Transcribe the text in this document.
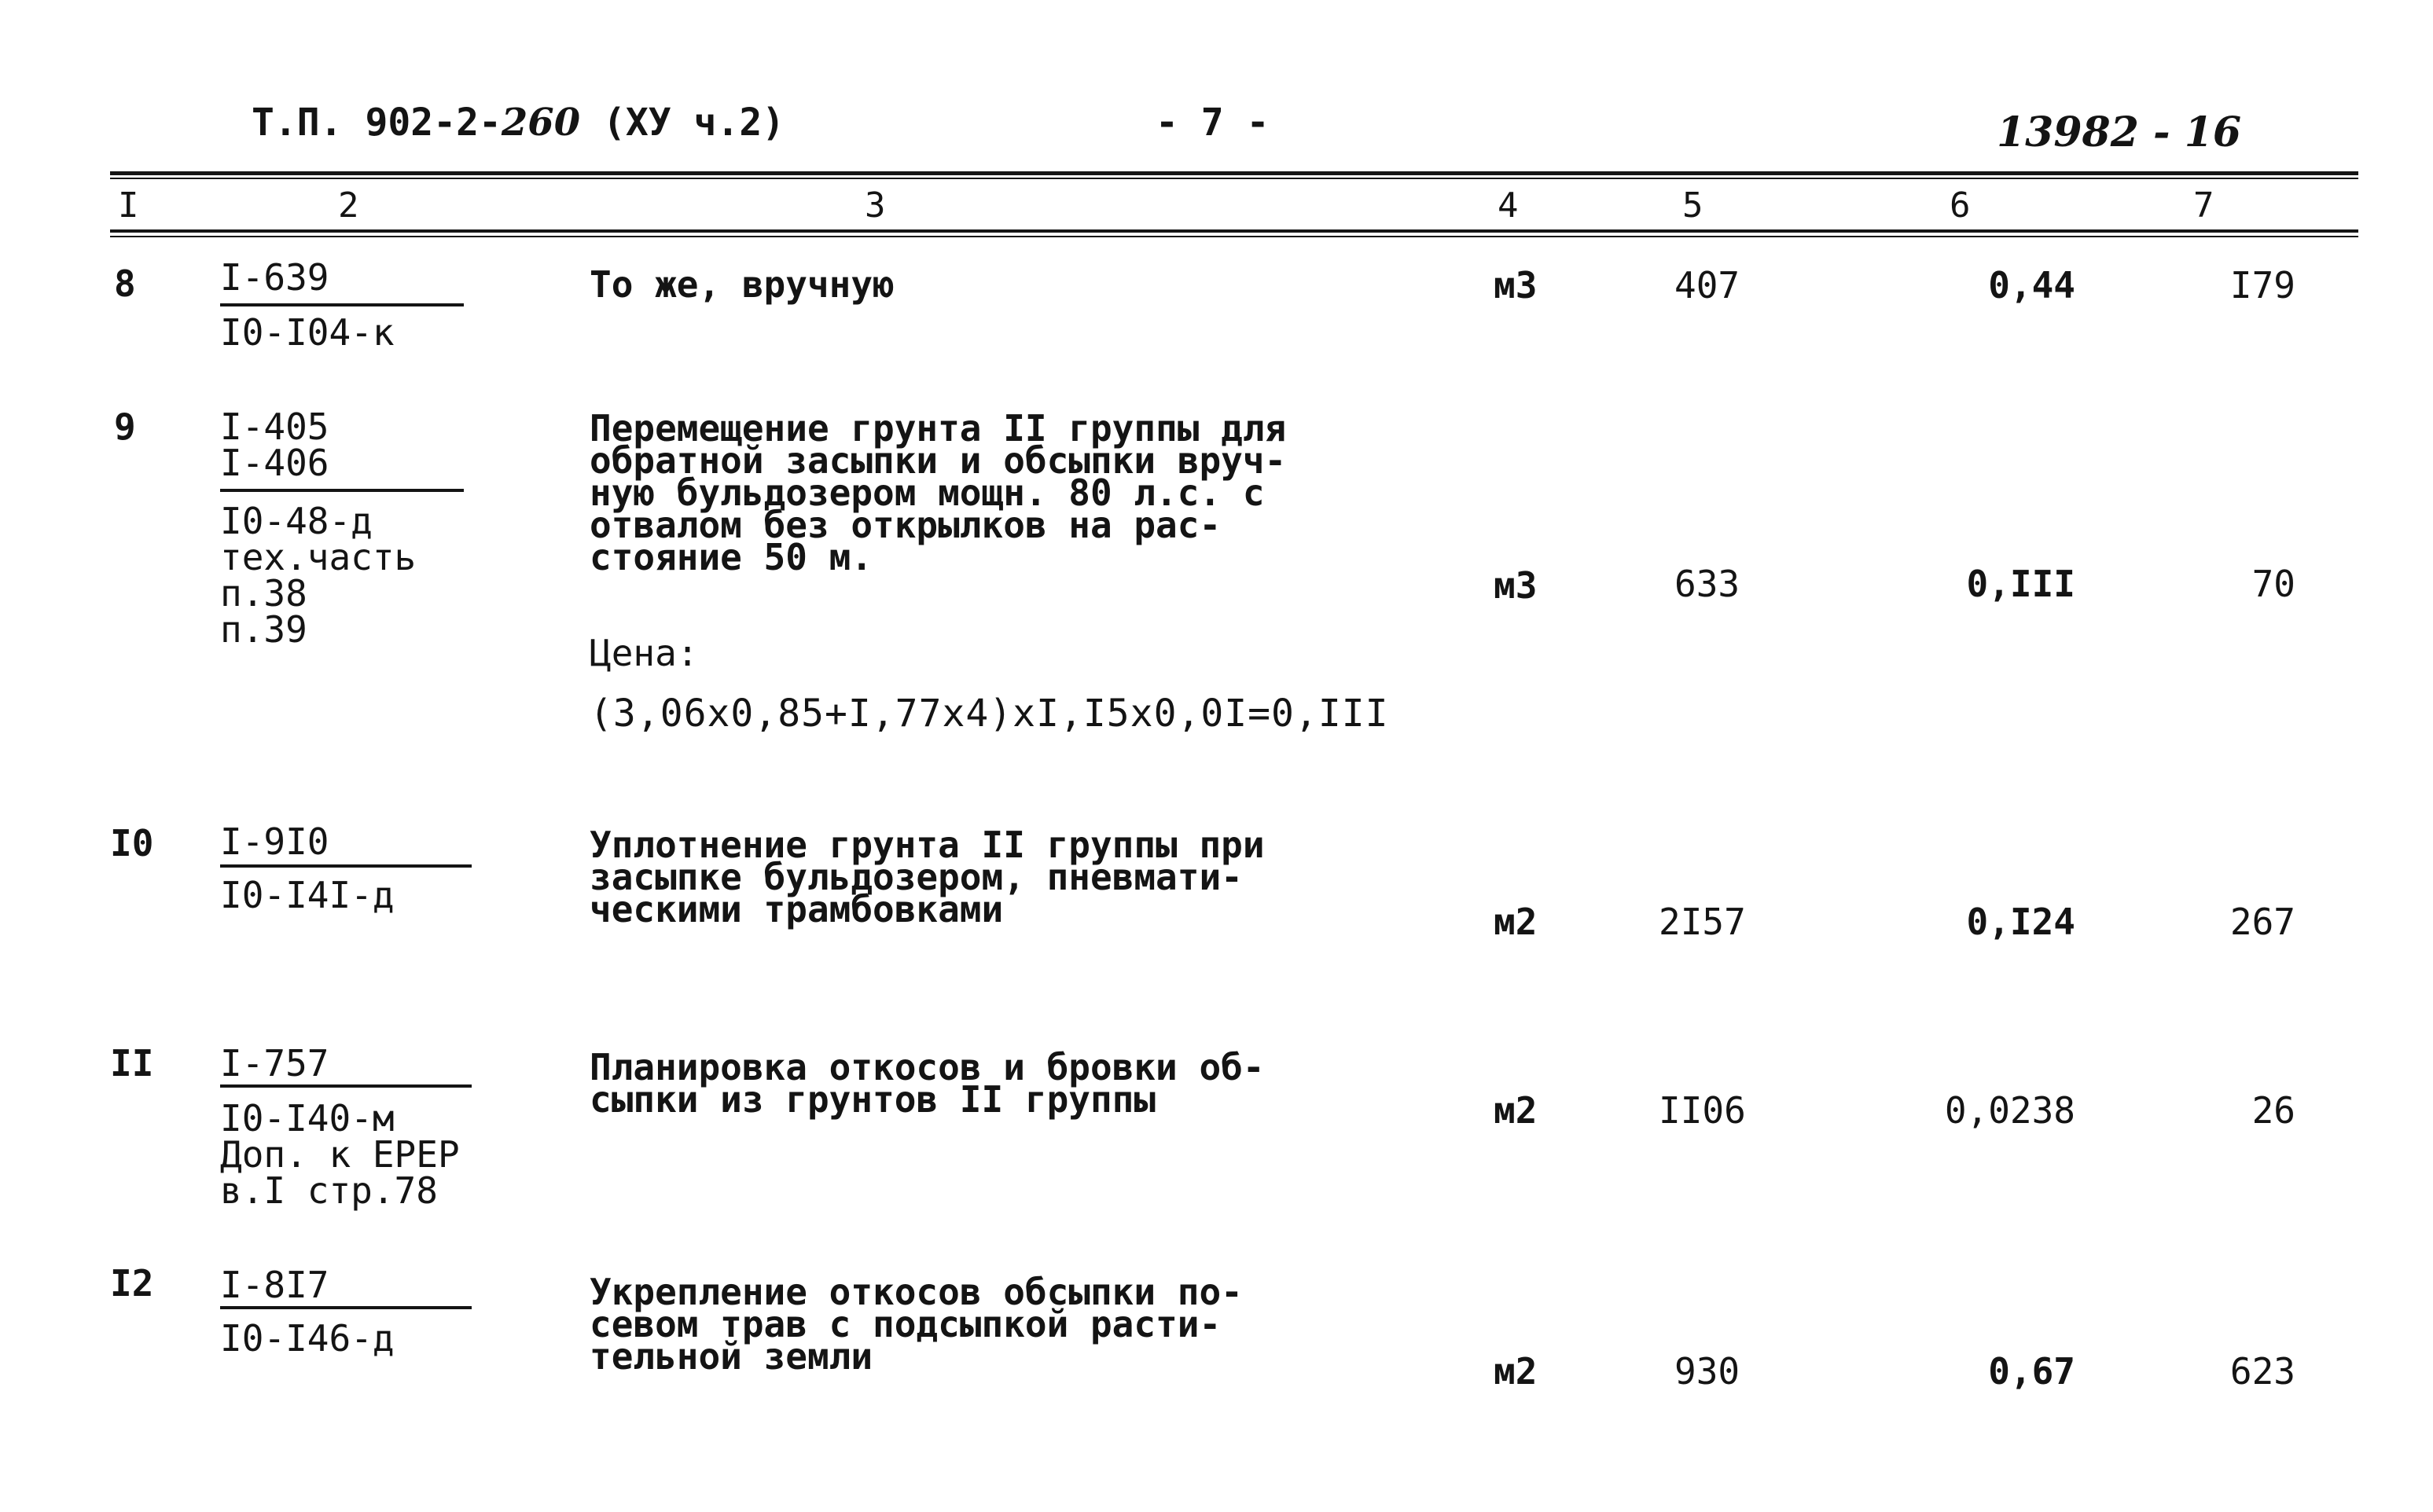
Т.П. 902-2-260 (ХУ ч.2)	- 7 -	13982 - 16
I	2	3	4	5	6	7
8 I-639
I0-I04-к
То же, вручную	м3	407	0,44	I79
9 I-405
I-406
I0-48-д
тех.часть
п.38
п.39
Перемещение грунта II группы для
обратной засыпки и обсыпки вруч-
ную бульдозером мощн. 80 л.с. с
отвалом без открылков на рас-
стояние 50 м.
Цена:
(3,06x0,85+I,77x4)xI,I5x0,0I=0,III
м3	633	0,III	70
I0 I-9I0
I0-I4I-д
Уплотнение грунта II группы при
засыпке бульдозером, пневмати-
ческими трамбовками	м2	2I57	0,I24	267
II I-757
I0-I40-м
Доп. к ЕРЕР
в.I стр.78
Планировка откосов и бровки об-
сыпки из грунтов II группы	м2	II06	0,0238	26
I2 I-8I7
I0-I46-д
Укрепление откосов обсыпки по-
севом трав с подсыпкой расти-
тельной земли	м2	930	0,67	623
